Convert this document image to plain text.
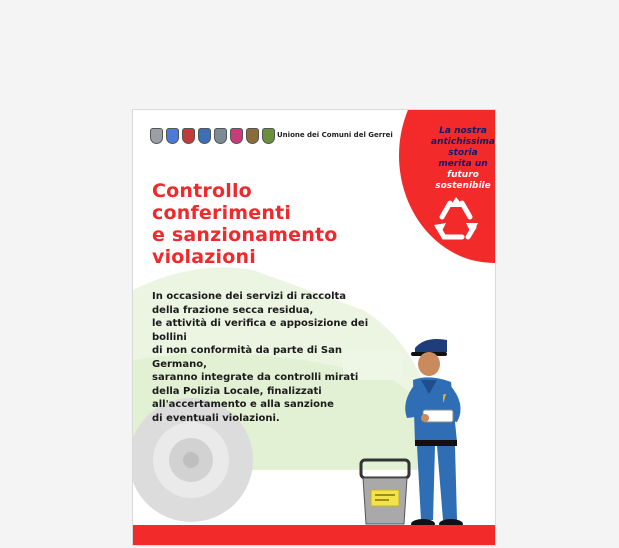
Unione dei Comuni del Gerrei	La nostra
antichissima
storia
merita un
futuro
sostenibile
Controllo
conferimenti
e sanzionamento
violazioni

In occasione dei servizi di raccolta
della frazione secca residua,
le attività di verifica e apposizione dei bollini
di non conformità da parte di San Germano,
saranno integrate da controlli mirati
della Polizia Locale, finalizzati
all'accertamento e alla sanzione
di eventuali violazioni.
